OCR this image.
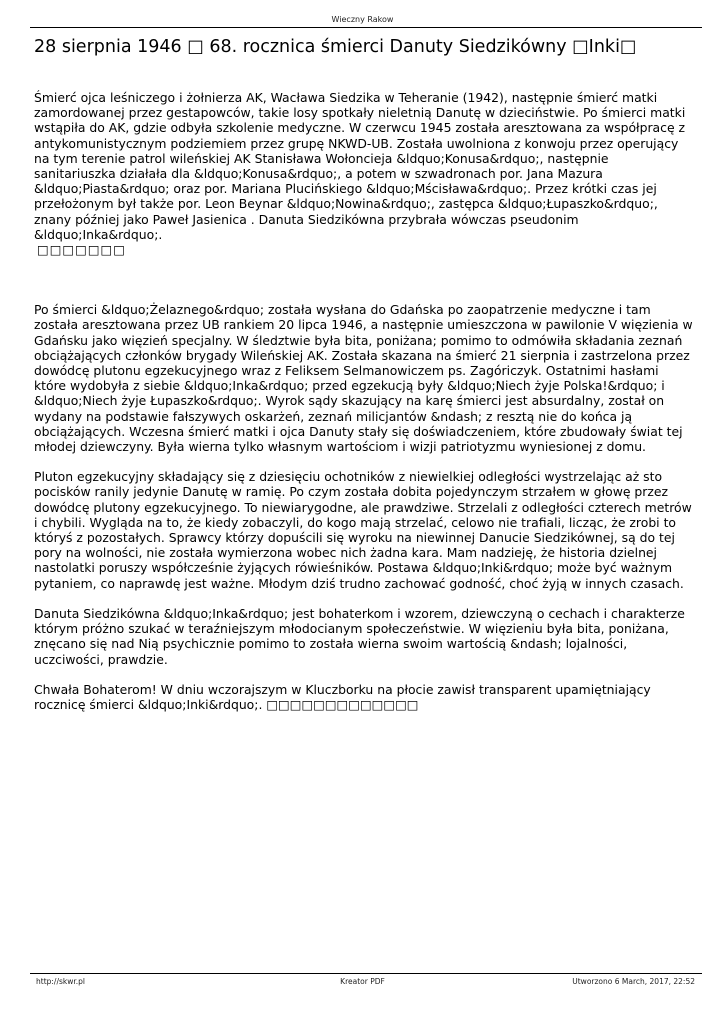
Wieczny Rakow
28 sierpnia 1946 □ 68. rocznica śmierci Danuty Siedzikówny □Inki□

Śmierć ojca leśniczego i żołnierza AK, Wacława Siedzika w Teheranie (1942), następnie śmierć matki zamordowanej przez gestapowców, takie losy spotkały nieletnią Danutę w dzieciństwie. Po śmierci matki wstąpiła do AK, gdzie odbyła szkolenie medyczne. W czerwcu 1945 została aresztowana za współpracę z antykomunistycznym podziemiem przez grupę NKWD-UB. Została uwolniona z konwoju przez operujący na tym terenie patrol wileńskiej AK Stanisława Wołoncieja &ldquo;Konusa&rdquo;, następnie sanitariuszka działała dla &ldquo;Konusa&rdquo;, a potem w szwadronach por. Jana Mazura &ldquo;Piasta&rdquo; oraz por. Mariana Plucińskiego &ldquo;Mścisława&rdquo;. Przez krótki czas jej przełożonym był także por. Leon Beynar &ldquo;Nowina&rdquo;, zastępca &ldquo;Łupaszko&rdquo;, znany później jako Paweł Jasienica . Danuta Siedzikówna przybrała wówczas pseudonim &ldquo;Inka&rdquo;.

□□□□□□□

Po śmierci &ldquo;Żelaznego&rdquo; została wysłana do Gdańska po zaopatrzenie medyczne i tam została aresztowana przez UB rankiem 20 lipca 1946, a następnie umieszczona w pawilonie V więzienia w Gdańsku jako więzień specjalny. W śledztwie była bita, poniżana; pomimo to odmówiła składania zeznań obciążających członków brygady Wileńskiej AK. Została skazana na śmierć 21 sierpnia i zastrzelona przez dowódcę plutonu egzekucyjnego wraz z Feliksem Selmanowiczem ps. Zagóriczyk. Ostatnimi hasłami które wydobyła z siebie &ldquo;Inka&rdquo; przed egzekucją były &ldquo;Niech żyje Polska!&rdquo; i &ldquo;Niech żyje Łupaszko&rdquo;. Wyrok sądy skazujący na karę śmierci jest absurdalny, został on wydany na podstawie fałszywych oskarżeń, zeznań milicjantów &ndash; z resztą nie do końca ją obciążających. Wczesna śmierć matki i ojca Danuty stały się doświadczeniem, które zbudowały świat tej młodej dziewczyny. Była wierna tylko własnym wartościom i wizji patriotyzmu wyniesionej z domu.

Pluton egzekucyjny składający się z dziesięciu ochotników z niewielkiej odległości wystrzelając aż sto pocisków ranily jedynie Danutę w ramię. Po czym została dobita pojedynczym strzałem w głowę przez dowódcę plutony egzekucyjnego. To niewiarygodne, ale prawdziwe. Strzelali z odległości czterech metrów i chybili. Wygląda na to, że kiedy zobaczyli, do kogo mają strzelać, celowo nie trafiali, licząc, że zrobi to któryś z pozostałych. Sprawcy którzy dopuścili się wyroku na niewinnej Danucie Siedzikównej, są do tej pory na wolności, nie została wymierzona wobec nich żadna kara. Mam nadzieję, że historia dzielnej nastolatki poruszy współcześnie żyjących rówieśników. Postawa &ldquo;Inki&rdquo; może być ważnym pytaniem, co naprawdę jest ważne. Młodym dziś trudno zachować godność, choć żyją w innych czasach.

Danuta Siedzikówna &ldquo;Inka&rdquo; jest bohaterkom i wzorem, dziewczyną o cechach i charakterze którym próżno szukać w teraźniejszym młodocianym społeczeństwie. W więzieniu była bita, poniżana, znęcano się nad Nią psychicznie pomimo to została wierna swoim wartością &ndash; lojalności, uczciwości, prawdzie.

Chwała Bohaterom! W dniu wczorajszym w Kluczborku na płocie zawisł transparent upamiętniający rocznicę śmierci &ldquo;Inki&rdquo;. □□□□□□□□□□□□□

http://skwr.pl	Kreator PDF	Utworzono 6 March, 2017, 22:52
